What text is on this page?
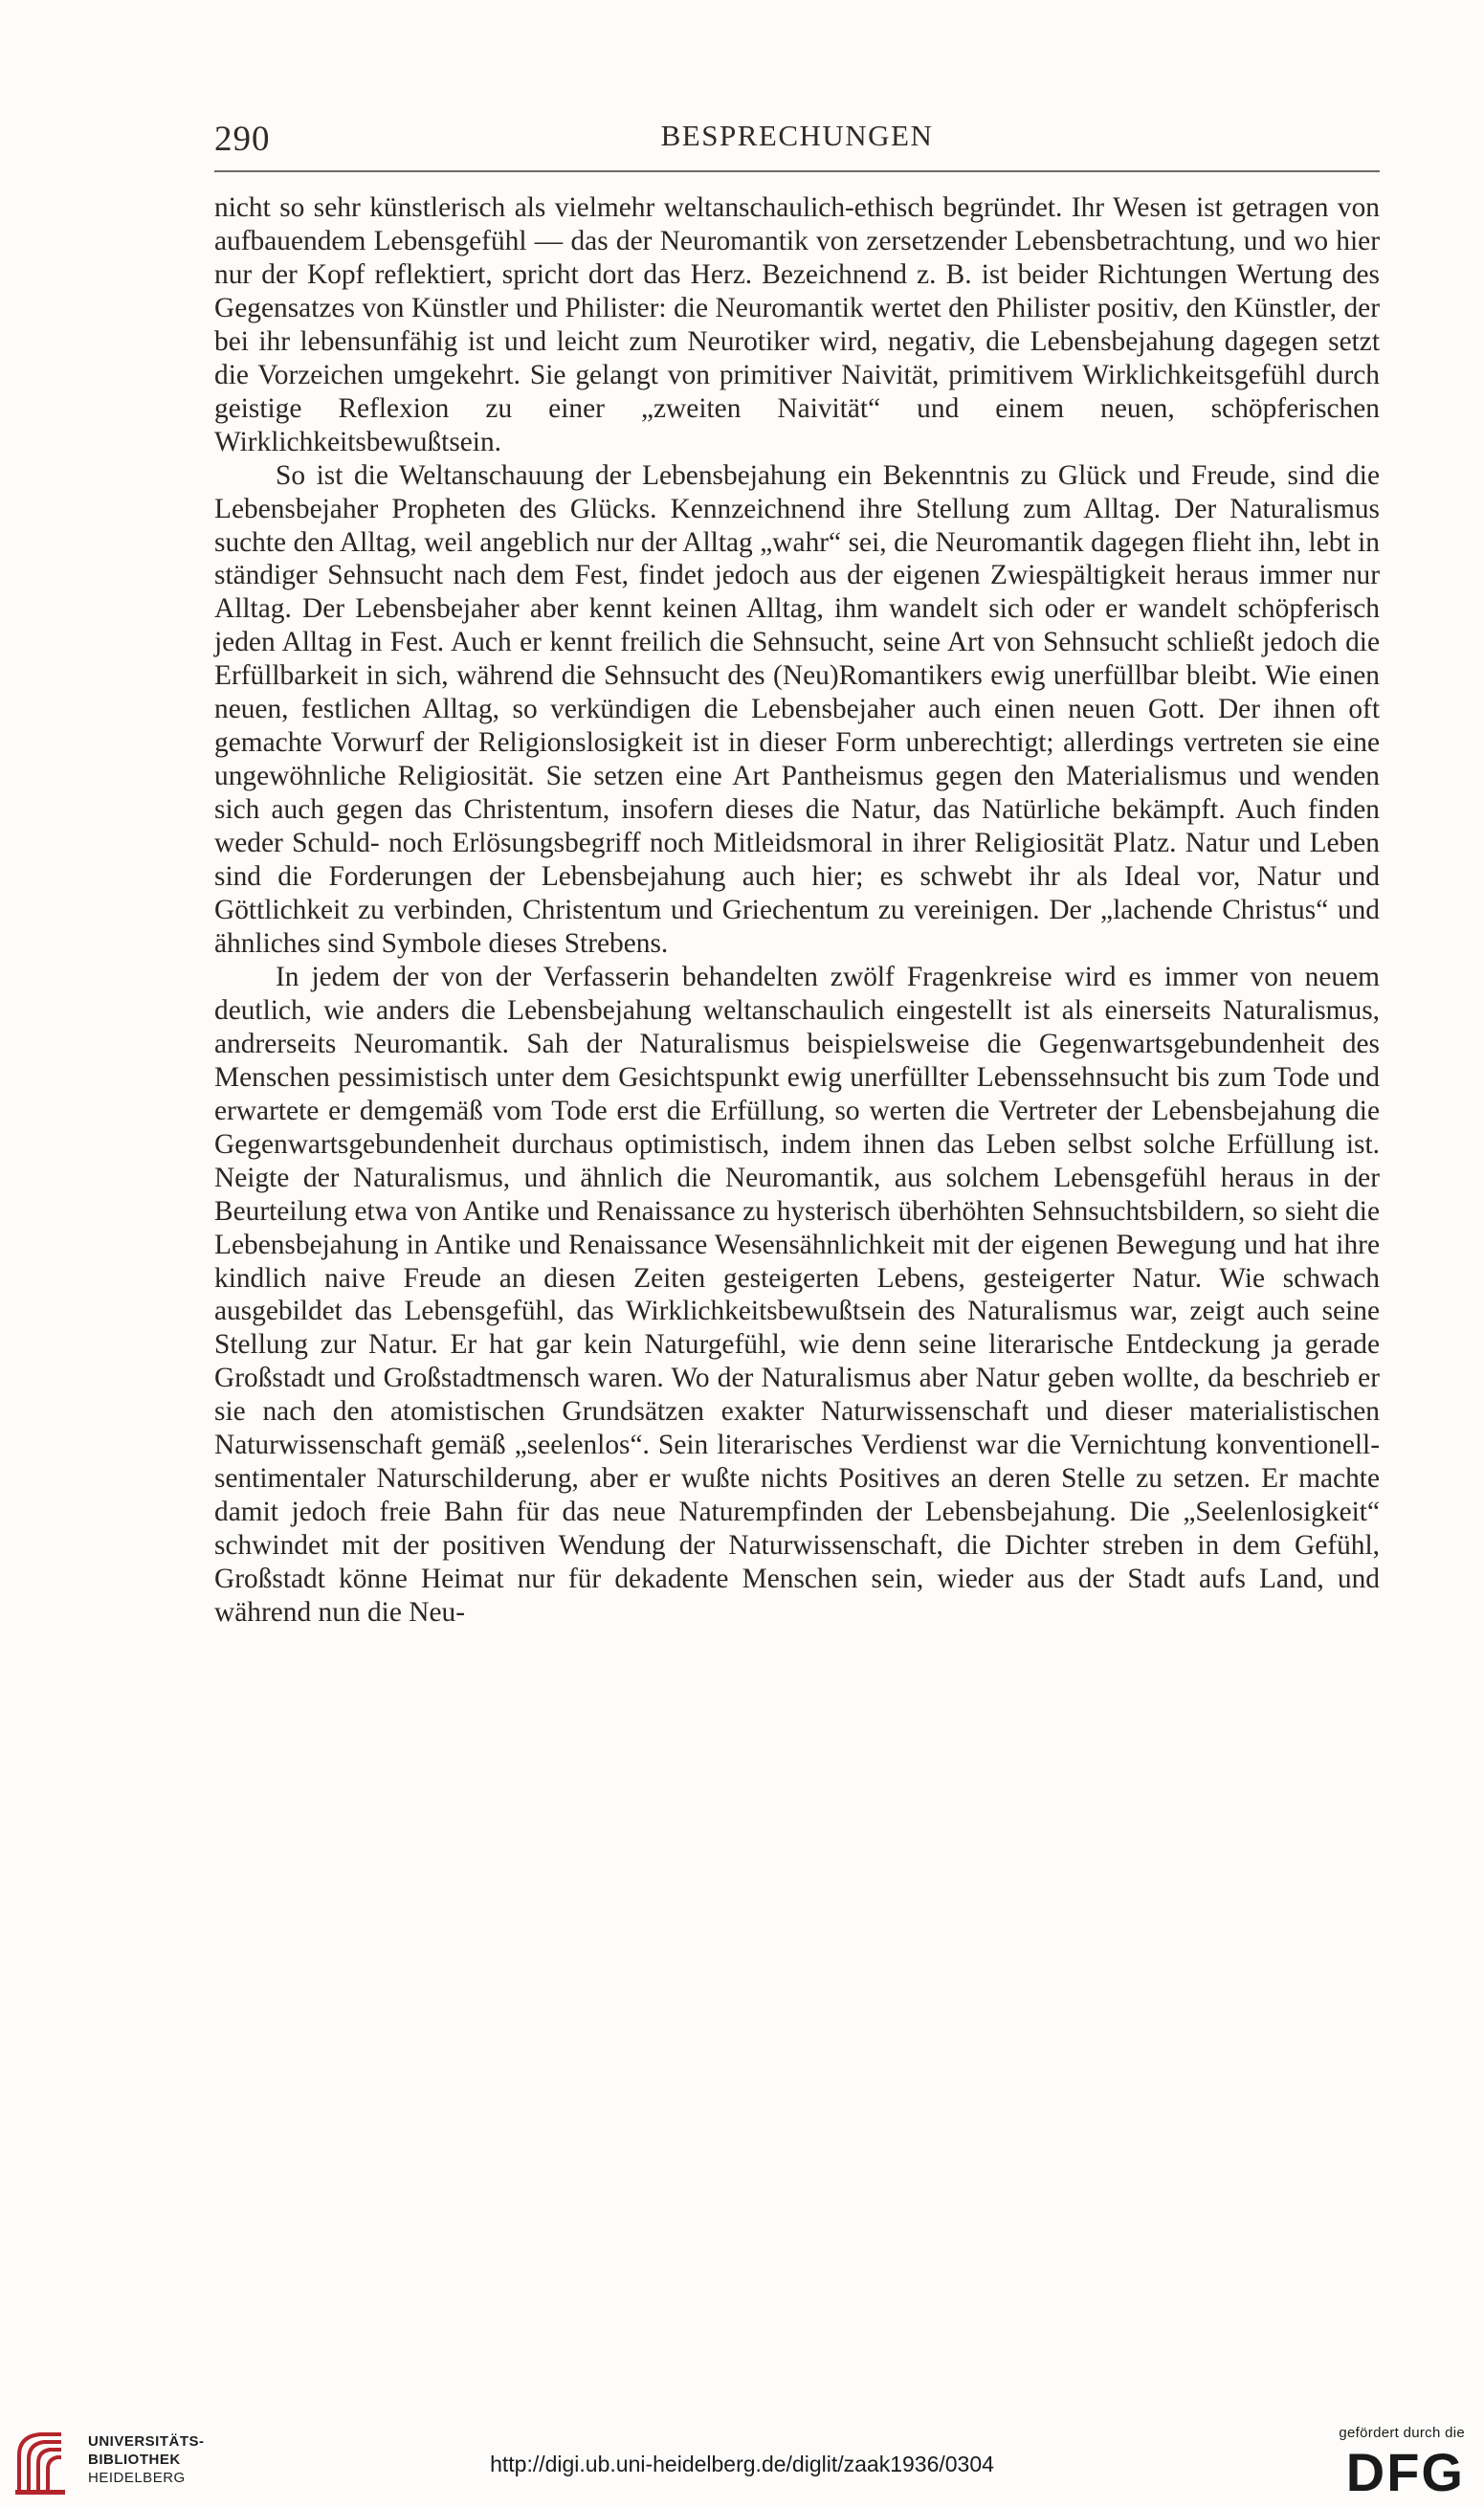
290	BESPRECHUNGEN

nicht so sehr künstlerisch als vielmehr weltanschaulich-ethisch begründet. Ihr Wesen ist getragen von aufbauendem Lebensgefühl — das der Neuromantik von zersetzender Lebensbetrachtung, und wo hier nur der Kopf reflektiert, spricht dort das Herz. Bezeichnend z. B. ist beider Richtungen Wertung des Gegensatzes von Künstler und Philister: die Neuromantik wertet den Philister positiv, den Künstler, der bei ihr lebensunfähig ist und leicht zum Neurotiker wird, negativ, die Lebensbejahung dagegen setzt die Vorzeichen umgekehrt. Sie gelangt von primitiver Naivität, primitivem Wirklichkeitsgefühl durch geistige Reflexion zu einer „zweiten Naivität“ und einem neuen, schöpferischen Wirklichkeitsbewußtsein.

So ist die Weltanschauung der Lebensbejahung ein Bekenntnis zu Glück und Freude, sind die Lebensbejaher Propheten des Glücks. Kennzeichnend ihre Stellung zum Alltag. Der Naturalismus suchte den Alltag, weil angeblich nur der Alltag „wahr“ sei, die Neuromantik dagegen flieht ihn, lebt in ständiger Sehnsucht nach dem Fest, findet jedoch aus der eigenen Zwiespältigkeit heraus immer nur Alltag. Der Lebensbejaher aber kennt keinen Alltag, ihm wandelt sich oder er wandelt schöpferisch jeden Alltag in Fest. Auch er kennt freilich die Sehnsucht, seine Art von Sehnsucht schließt jedoch die Erfüllbarkeit in sich, während die Sehnsucht des (Neu)Romantikers ewig unerfüllbar bleibt. Wie einen neuen, festlichen Alltag, so verkündigen die Lebensbejaher auch einen neuen Gott. Der ihnen oft gemachte Vorwurf der Religionslosigkeit ist in dieser Form unberechtigt; allerdings vertreten sie eine ungewöhnliche Religiosität. Sie setzen eine Art Pantheismus gegen den Materialismus und wenden sich auch gegen das Christentum, insofern dieses die Natur, das Natürliche bekämpft. Auch finden weder Schuld- noch Erlösungsbegriff noch Mitleidsmoral in ihrer Religiosität Platz. Natur und Leben sind die Forderungen der Lebensbejahung auch hier; es schwebt ihr als Ideal vor, Natur und Göttlichkeit zu verbinden, Christentum und Griechentum zu vereinigen. Der „lachende Christus“ und ähnliches sind Symbole dieses Strebens.

In jedem der von der Verfasserin behandelten zwölf Fragenkreise wird es immer von neuem deutlich, wie anders die Lebensbejahung weltanschaulich eingestellt ist als einerseits Naturalismus, andrerseits Neuromantik. Sah der Naturalismus beispielsweise die Gegenwartsgebundenheit des Menschen pessimistisch unter dem Gesichtspunkt ewig unerfüllter Lebenssehnsucht bis zum Tode und erwartete er demgemäß vom Tode erst die Erfüllung, so werten die Vertreter der Lebensbejahung die Gegenwartsgebundenheit durchaus optimistisch, indem ihnen das Leben selbst solche Erfüllung ist. Neigte der Naturalismus, und ähnlich die Neuromantik, aus solchem Lebensgefühl heraus in der Beurteilung etwa von Antike und Renaissance zu hysterisch überhöhten Sehnsuchtsbildern, so sieht die Lebensbejahung in Antike und Renaissance Wesensähnlichkeit mit der eigenen Bewegung und hat ihre kindlich naive Freude an diesen Zeiten gesteigerten Lebens, gesteigerter Natur. Wie schwach ausgebildet das Lebensgefühl, das Wirklichkeitsbewußtsein des Naturalismus war, zeigt auch seine Stellung zur Natur. Er hat gar kein Naturgefühl, wie denn seine literarische Entdeckung ja gerade Großstadt und Großstadtmensch waren. Wo der Naturalismus aber Natur geben wollte, da beschrieb er sie nach den atomistischen Grundsätzen exakter Naturwissenschaft und dieser materialistischen Naturwissenschaft gemäß „seelenlos“. Sein literarisches Verdienst war die Vernichtung konventionell-sentimentaler Naturschilderung, aber er wußte nichts Positives an deren Stelle zu setzen. Er machte damit jedoch freie Bahn für das neue Naturempfinden der Lebensbejahung. Die „Seelenlosigkeit“ schwindet mit der positiven Wendung der Naturwissenschaft, die Dichter streben in dem Gefühl, Großstadt könne Heimat nur für dekadente Menschen sein, wieder aus der Stadt aufs Land, und während nun die Neu-

UNIVERSITÄTS-
BIBLIOTHEK
HEIDELBERG
http://digi.ub.uni-heidelberg.de/diglit/zaak1936/0304
gefördert durch die
DFG
